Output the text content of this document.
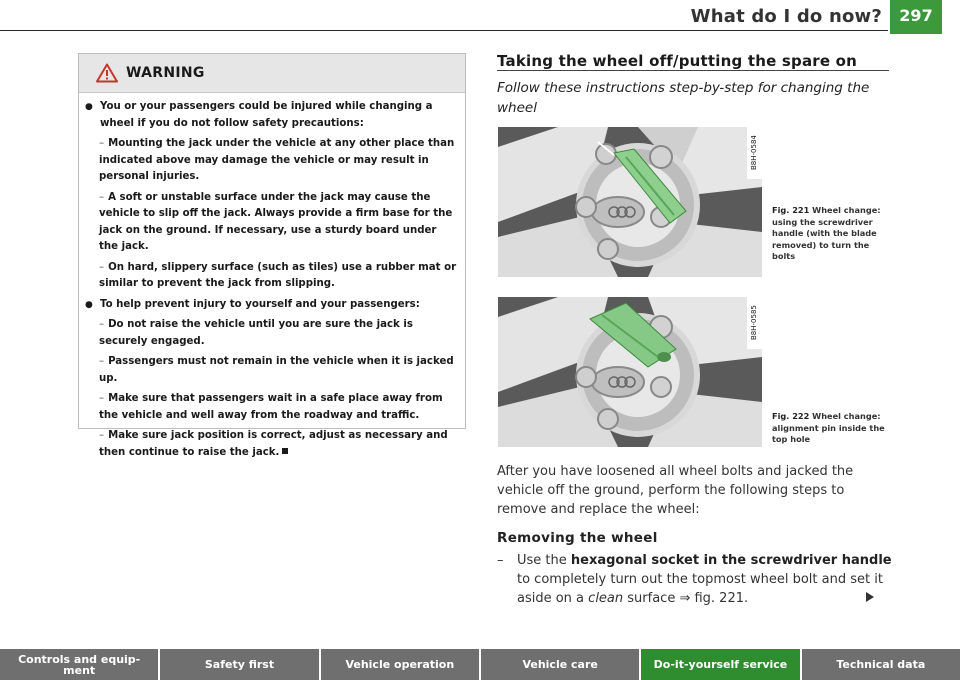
What do I do now?	297
WARNING
● You or your passengers could be injured while changing a wheel if you do not follow safety precautions:
– Mounting the jack under the vehicle at any other place than indicated above may damage the vehicle or may result in personal injuries.
– A soft or unstable surface under the jack may cause the vehicle to slip off the jack. Always provide a firm base for the jack on the ground. If necessary, use a sturdy board under the jack.
– On hard, slippery surface (such as tiles) use a rubber mat or similar to prevent the jack from slipping.
● To help prevent injury to yourself and your passengers:
– Do not raise the vehicle until you are sure the jack is securely engaged.
– Passengers must not remain in the vehicle when it is jacked up.
– Make sure that passengers wait in a safe place away from the vehicle and well away from the roadway and traffic.
– Make sure jack position is correct, adjust as necessary and then continue to raise the jack.
Taking the wheel off/putting the spare on
Follow these instructions step-by-step for changing the wheel
B8H-0584
Fig. 221 Wheel change: using the screwdriver handle (with the blade removed) to turn the bolts
B8H-0585
Fig. 222 Wheel change: alignment pin inside the top hole
After you have loosened all wheel bolts and jacked the vehicle off the ground, perform the following steps to remove and replace the wheel:
Removing the wheel
–	Use the hexagonal socket in the screwdriver handle to completely turn out the topmost wheel bolt and set it aside on a clean surface ⇒ fig. 221.
Controls and equip-
ment	Safety first	Vehicle operation	Vehicle care	Do-it-yourself service	Technical data
